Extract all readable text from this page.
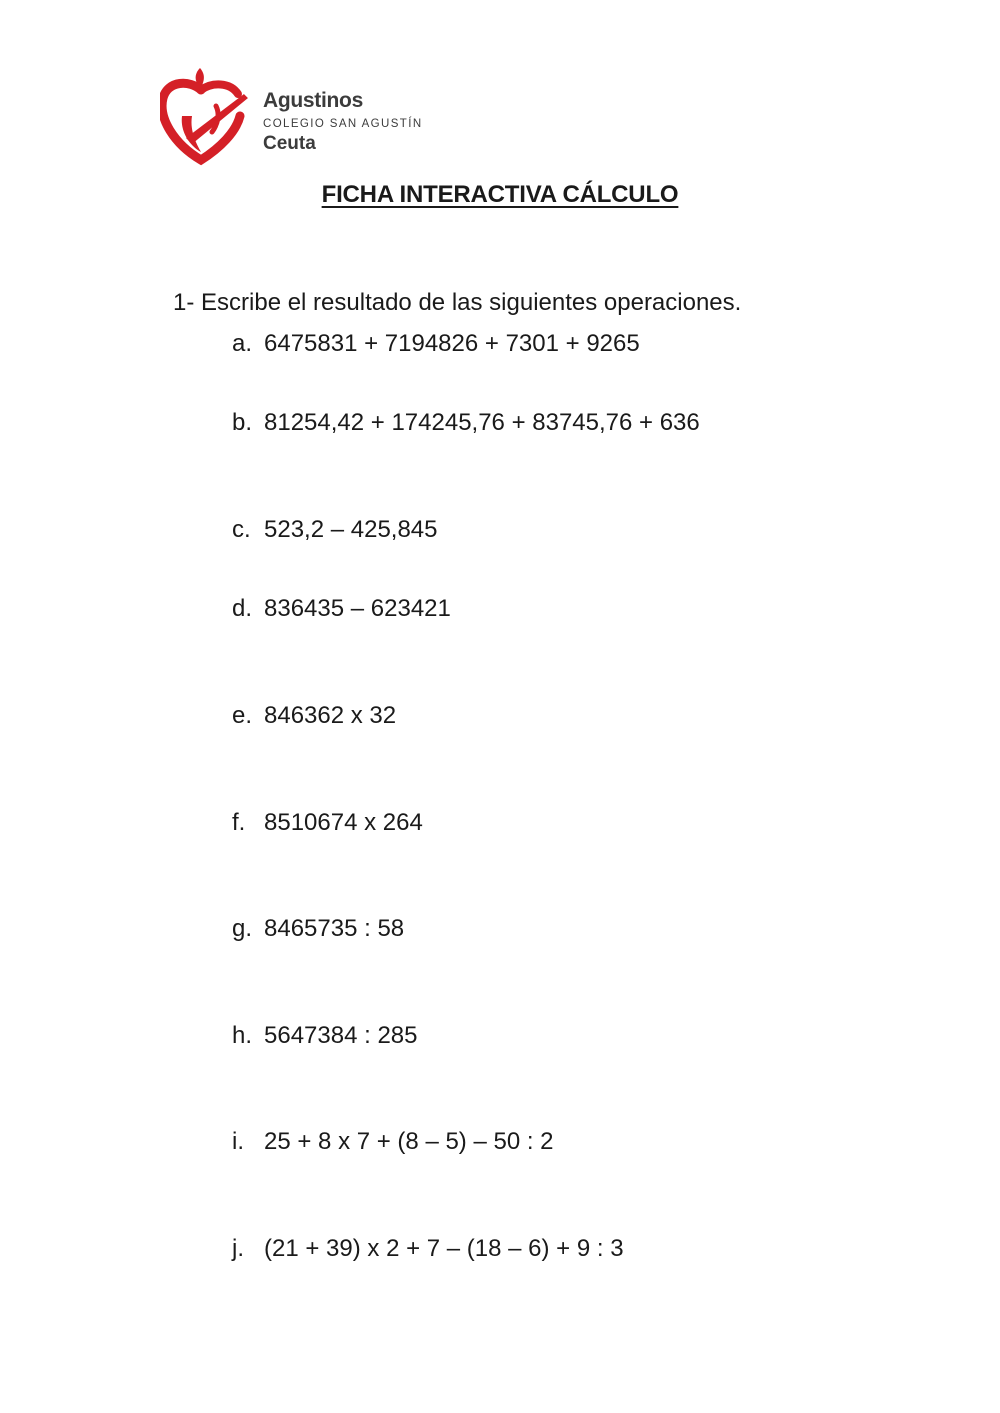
Agustinos
COLEGIO SAN AGUSTÍN
Ceuta
FICHA INTERACTIVA CÁLCULO

1- Escribe el resultado de las siguientes operaciones.

a. 6475831 + 7194826 + 7301 + 9265

b. 81254,42 + 174245,76 + 83745,76 + 636

c. 523,2 – 425,845

d. 836435 – 623421

e. 846362 x 32

f. 8510674 x 264

g. 8465735 : 58

h. 5647384 : 285

i. 25 + 8 x 7 + (8 – 5) – 50 : 2

j. (21 + 39) x 2 + 7 – (18 – 6) + 9 : 3
